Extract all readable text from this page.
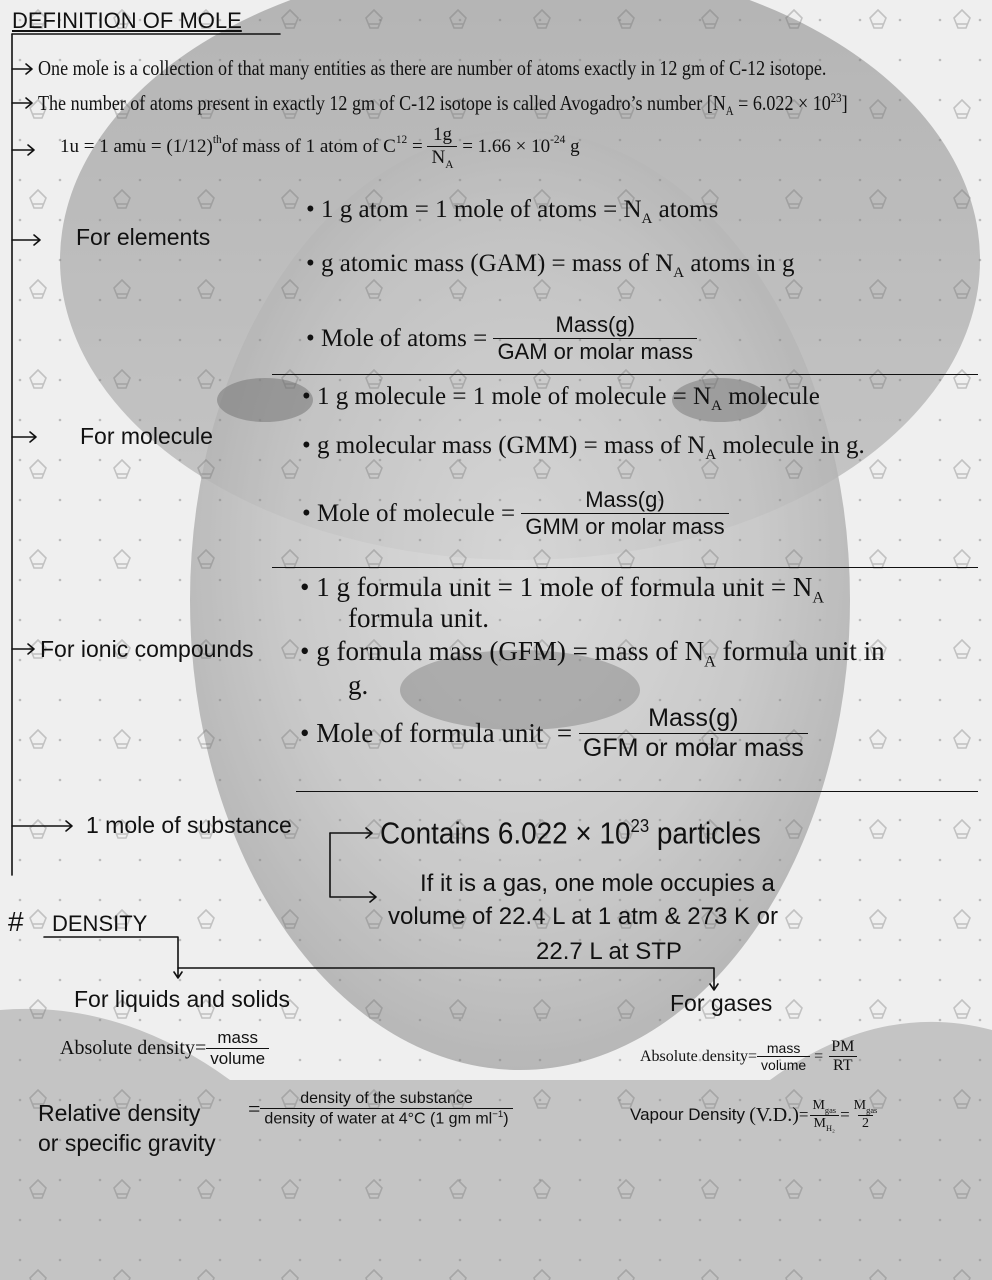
DEFINITION OF MOLE
One mole is a collection of that many entities as there are number of atoms exactly in 12 gm of C-12 isotope.
The number of atoms present in exactly 12 gm of C-12 isotope is called Avogadro’s number $[N_A = 6.022 \times 10^{23}]$
1u = 1 amu = $(1/12)^{th}$ of mass of 1 atom of $C^{12} = \frac{1g}{N_A} = 1.66 \times 10^{-24}$ g
For elements
• 1 g atom = 1 mole of atoms = $N_A$ atoms
• g atomic mass (GAM) = mass of $N_A$ atoms in g
• Mole of atoms = $\frac{\text{Mass(g)}}{\text{GAM or molar mass}}$
For molecule
• 1 g molecule = 1 mole of molecule = $N_A$ molecule
• g molecular mass (GMM) = mass of $N_A$ molecule in g.
• Mole of molecule = $\frac{\text{Mass(g)}}{\text{GMM or molar mass}}$
For ionic compounds
• 1 g formula unit = 1 mole of formula unit = $N_A$
formula unit.
• g formula mass (GFM) = mass of $N_A$ formula unit in
g.
• Mole of formula unit  = $\frac{\text{Mass(g)}}{\text{GFM or molar mass}}$
1 mole of substance	Contains $6.022 \times 10^{23}$ particles
If it is a gas, one mole occupies a
volume of 22.4 L at 1 atm & 273 K or
22.7 L at STP
# DENSITY
For liquids and solids	For gases
Absolute density = $\frac{\text{mass}}{\text{volume}}$
Relative density
or specific gravity
= $\frac{\text{density of the substance}}{density of water at 4^\circ C (1 gm ml^{-1})}$
Absolute density = $\frac{\text{mass}}{\text{volume}} = \frac{PM}{RT}$
Vapour Density
$(V.D.) = \frac{M_{gas}}{M_{H_2}} = \frac{M_{gas}}{2}$
